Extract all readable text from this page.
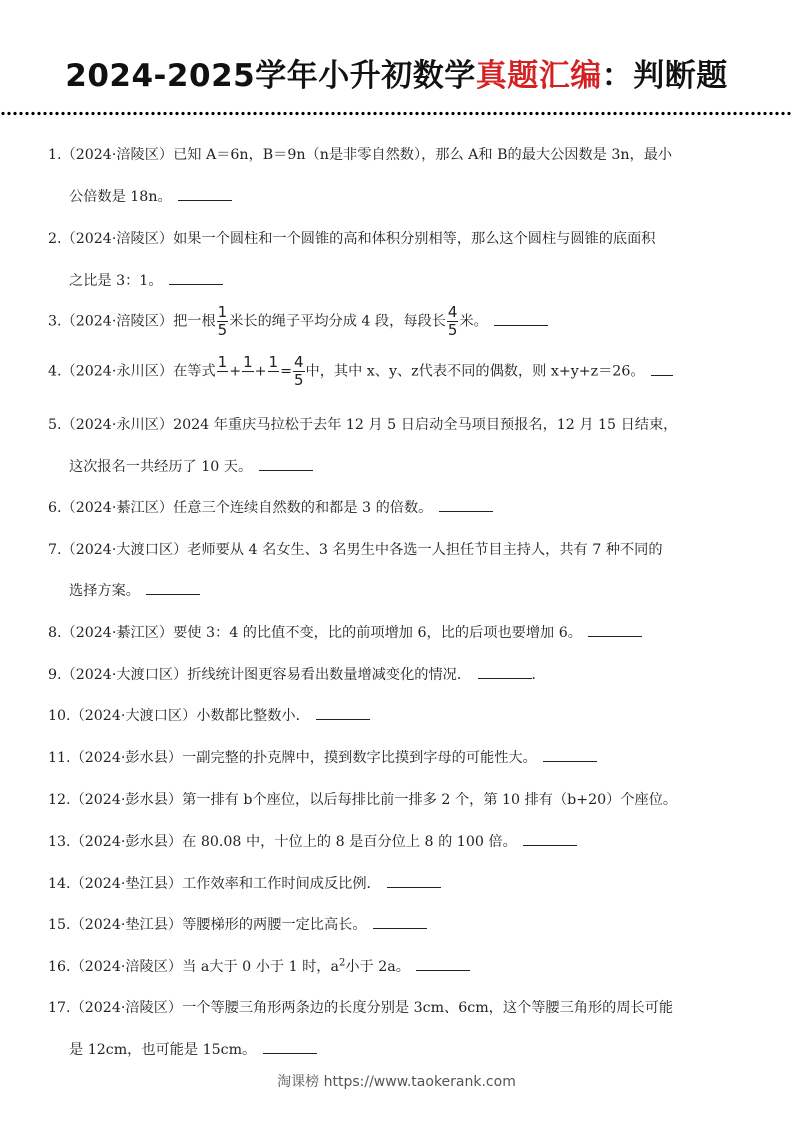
2024-2025学年小升初数学真题汇编：判断题
1.（2024·涪陵区）已知 A＝6n，B＝9n（n是非零自然数），那么 A和 B的最大公因数是 3n，最小
公倍数是 18n。
2.（2024·涪陵区）如果一个圆柱和一个圆锥的高和体积分别相等，那么这个圆柱与圆锥的底面积
之比是 3：1。
3.（2024·涪陵区）把一根 $\frac{1}{5}$ 米长的绳子平均分成 4 段，每段长 $\frac{4}{5}$ 米。
4.（2024·永川区）在等式
1
+
1
+
1
= $\frac{4}{5}$ 中，其中 x、y、z代表不同的偶数，则 x+y+z＝26。
5.（2024·永川区）2024 年重庆马拉松于去年 12 月 5 日启动全马项目预报名，12 月 15 日结束，
这次报名一共经历了 10 天。
6.（2024·綦江区）任意三个连续自然数的和都是 3 的倍数。
7.（2024·大渡口区）老师要从 4 名女生、3 名男生中各选一人担任节目主持人，共有 7 种不同的
选择方案。
8.（2024·綦江区）要使 3：4 的比值不变，比的前项增加 6，比的后项也要增加 6。
9.（2024·大渡口区）折线统计图更容易看出数量增减变化的情况．	．
10.（2024·大渡口区）小数都比整数小．
11.（2024·彭水县）一副完整的扑克牌中，摸到数字比摸到字母的可能性大。
12.（2024·彭水县）第一排有 b个座位，以后每排比前一排多 2 个，第 10 排有（b+20）个座位。
13.（2024·彭水县）在 80.08 中，十位上的 8 是百分位上 8 的 100 倍。
14.（2024·垫江县）工作效率和工作时间成反比例．
15.（2024·垫江县）等腰梯形的两腰一定比高长。
16.（2024·涪陵区）当 a大于 0 小于 1 时，$a^2$小于 2a。
17.（2024·涪陵区）一个等腰三角形两条边的长度分别是 3cm、6cm，这个等腰三角形的周长可能
是 12cm，也可能是 15cm。
淘课榜 https://www.taokerank.com
